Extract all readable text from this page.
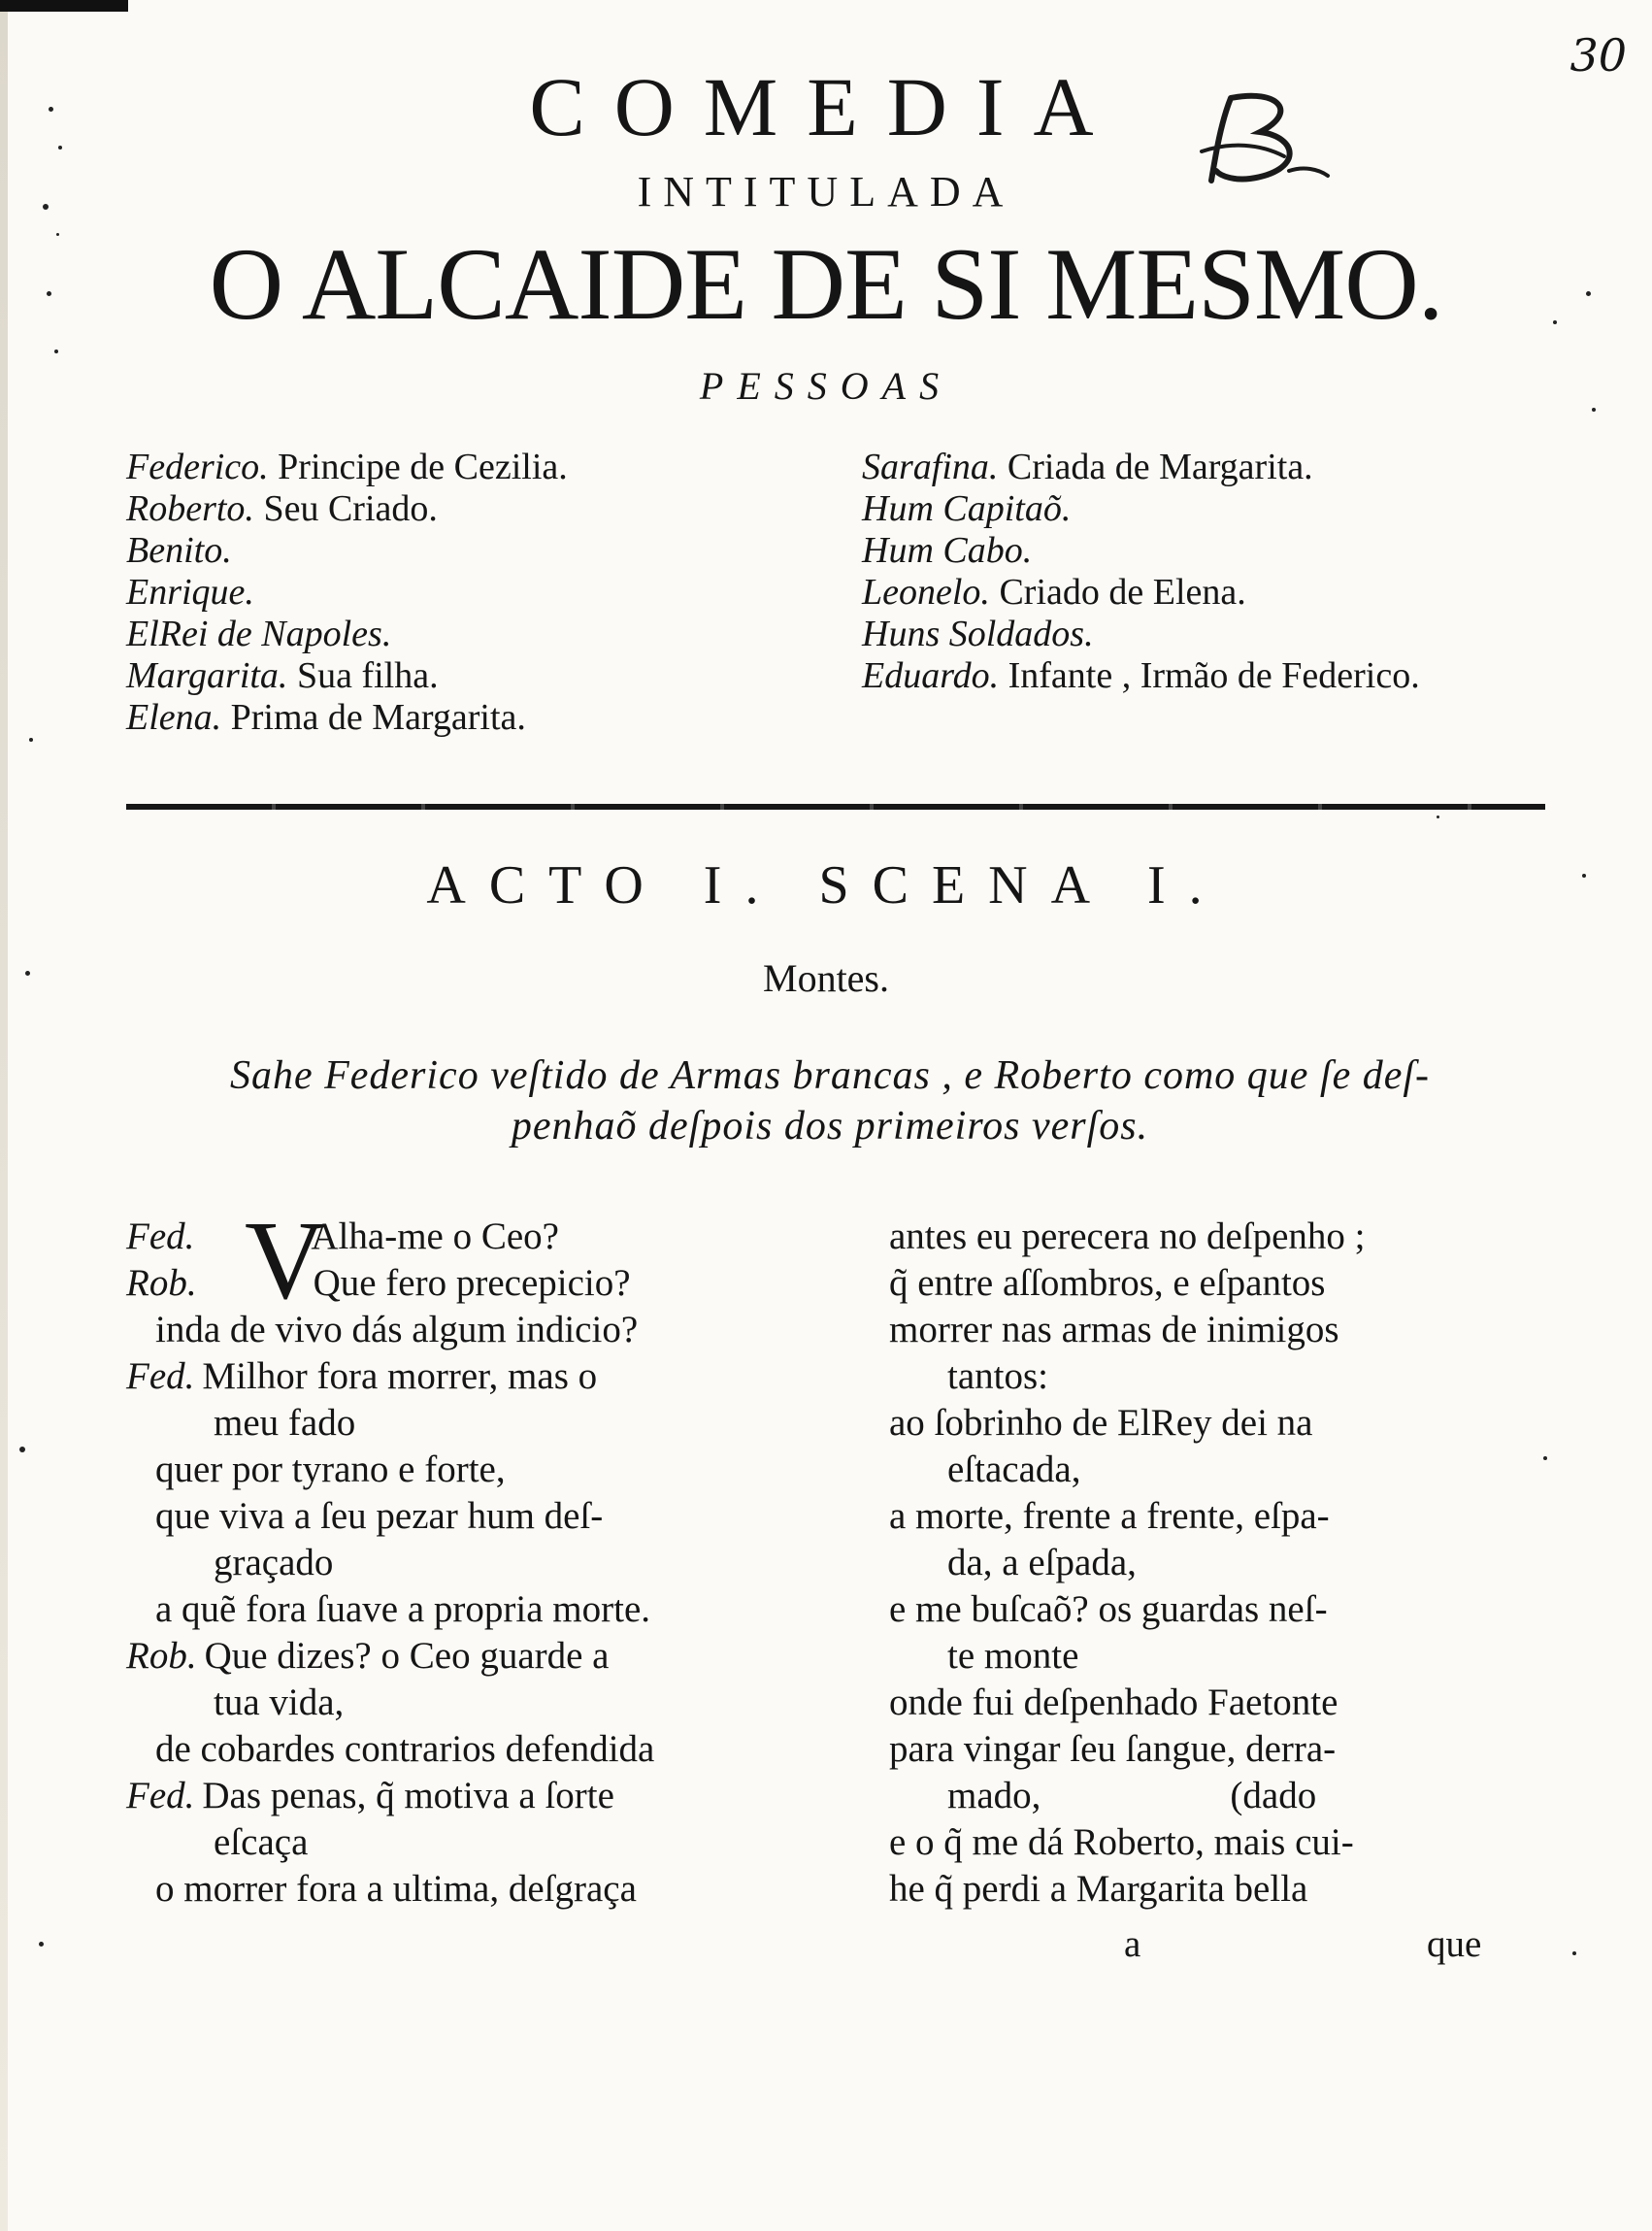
30
COMEDIA
INTITULADA
O ALCAIDE DE SI MESMO.
PESSOAS
Federico. Principe de Cezilia.
Roberto. Seu Criado.
Benito.
Enrique.
ElRei de Napoles.
Margarita. Sua filha.
Elena. Prima de Margarita.
Sarafina. Criada de Margarita.
Hum Capitaõ.
Hum Cabo.
Leonelo. Criado de Elena.
Huns Soldados.
Eduardo. Infante , Irmão de Federico.
ACTO I. SCENA I.
Montes.
Sahe Federico veſtido de Armas brancas , e Roberto como que ſe deſ-
penhaõ deſpois dos primeiros verſos.
Fed. V
Alha-me o Ceo?
Rob.	Que fero precepicio?
inda de vivo dás algum indicio?
Fed. Milhor fora morrer, mas o
meu fado
quer por tyrano e forte,
que viva a ſeu pezar hum deſ-
graçado
a quẽ fora ſuave a propria morte.
Rob. Que dizes? o Ceo guarde a
tua vida,
de cobardes contrarios defendida
Fed. Das penas, q̃ motiva a ſorte
eſcaça
o morrer fora a ultima, deſgraça
antes eu perecera no deſpenho ;
q̃ entre aſſombros, e eſpantos
morrer nas armas de inimigos
tantos:
ao ſobrinho de ElRey dei na
eſtacada,
a morte, frente a frente, eſpa-
da, a eſpada,
e me buſcaõ? os guardas neſ-
te monte
onde fui deſpenhado Faetonte
para vingar ſeu ſangue, derra-
mado,                    (dado
e o q̃ me dá Roberto, mais cui-
he q̃ perdi a Margarita bella
a	que
